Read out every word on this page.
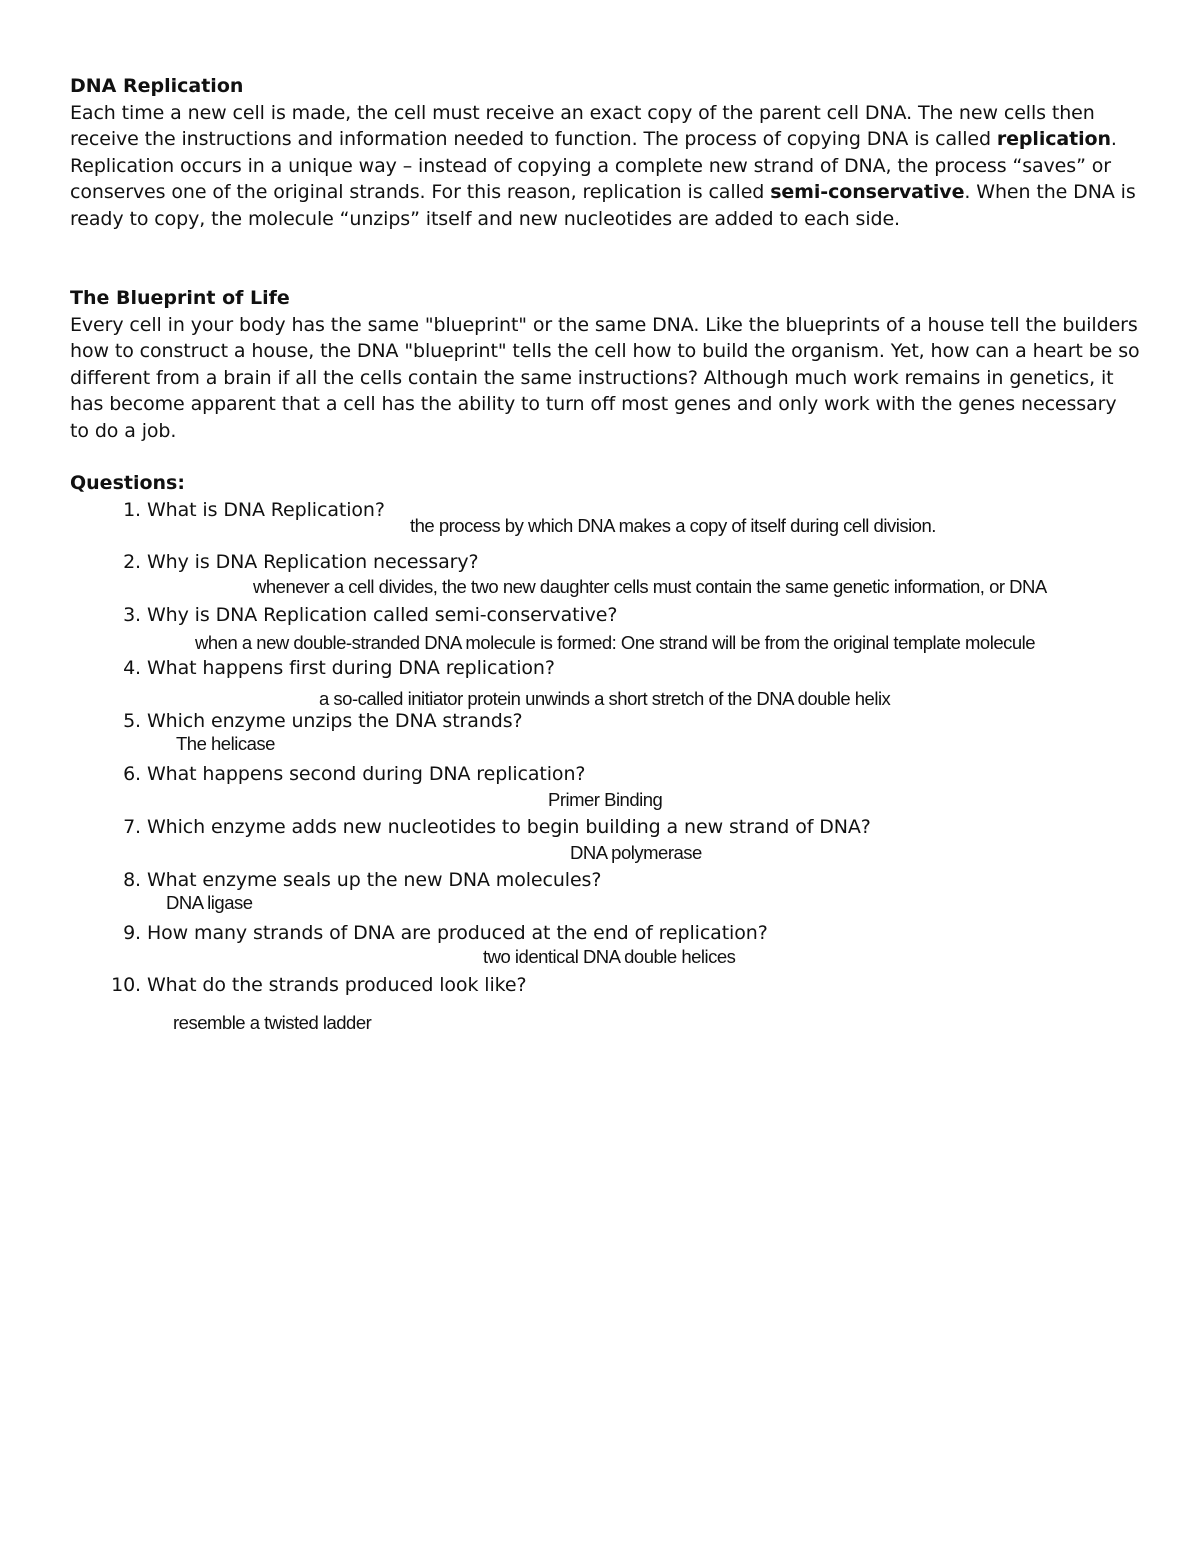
DNA Replication
Each time a new cell is made, the cell must receive an exact copy of the parent cell DNA. The new cells then receive the instructions and information needed to function. The process of copying DNA is called replication. Replication occurs in a unique way – instead of copying a complete new strand of DNA, the process “saves” or conserves one of the original strands. For this reason, replication is called semi-conservative. When the DNA is ready to copy, the molecule “unzips” itself and new nucleotides are added to each side.
The Blueprint of Life
Every cell in your body has the same "blueprint" or the same DNA. Like the blueprints of a house tell the builders how to construct a house, the DNA "blueprint" tells the cell how to build the organism. Yet, how can a heart be so different from a brain if all the cells contain the same instructions? Although much work remains in genetics, it has become apparent that a cell has the ability to turn off most genes and only work with the genes necessary to do a job.
Questions:
1. What is DNA Replication?
the process by which DNA makes a copy of itself during cell division.
2. Why is DNA Replication necessary?
whenever a cell divides, the two new daughter cells must contain the same genetic information, or DNA
3. Why is DNA Replication called semi-conservative?
when a new double-stranded DNA molecule is formed: One strand will be from the original template molecule
4. What happens first during DNA replication?
a so-called initiator protein unwinds a short stretch of the DNA double helix
5. Which enzyme unzips the DNA strands?
The helicase
6. What happens second during DNA replication?
Primer Binding
7. Which enzyme adds new nucleotides to begin building a new strand of DNA?
DNA polymerase
8. What enzyme seals up the new DNA molecules?
DNA ligase
9. How many strands of DNA are produced at the end of replication?
two identical DNA double helices
10. What do the strands produced look like?
resemble a twisted ladder
